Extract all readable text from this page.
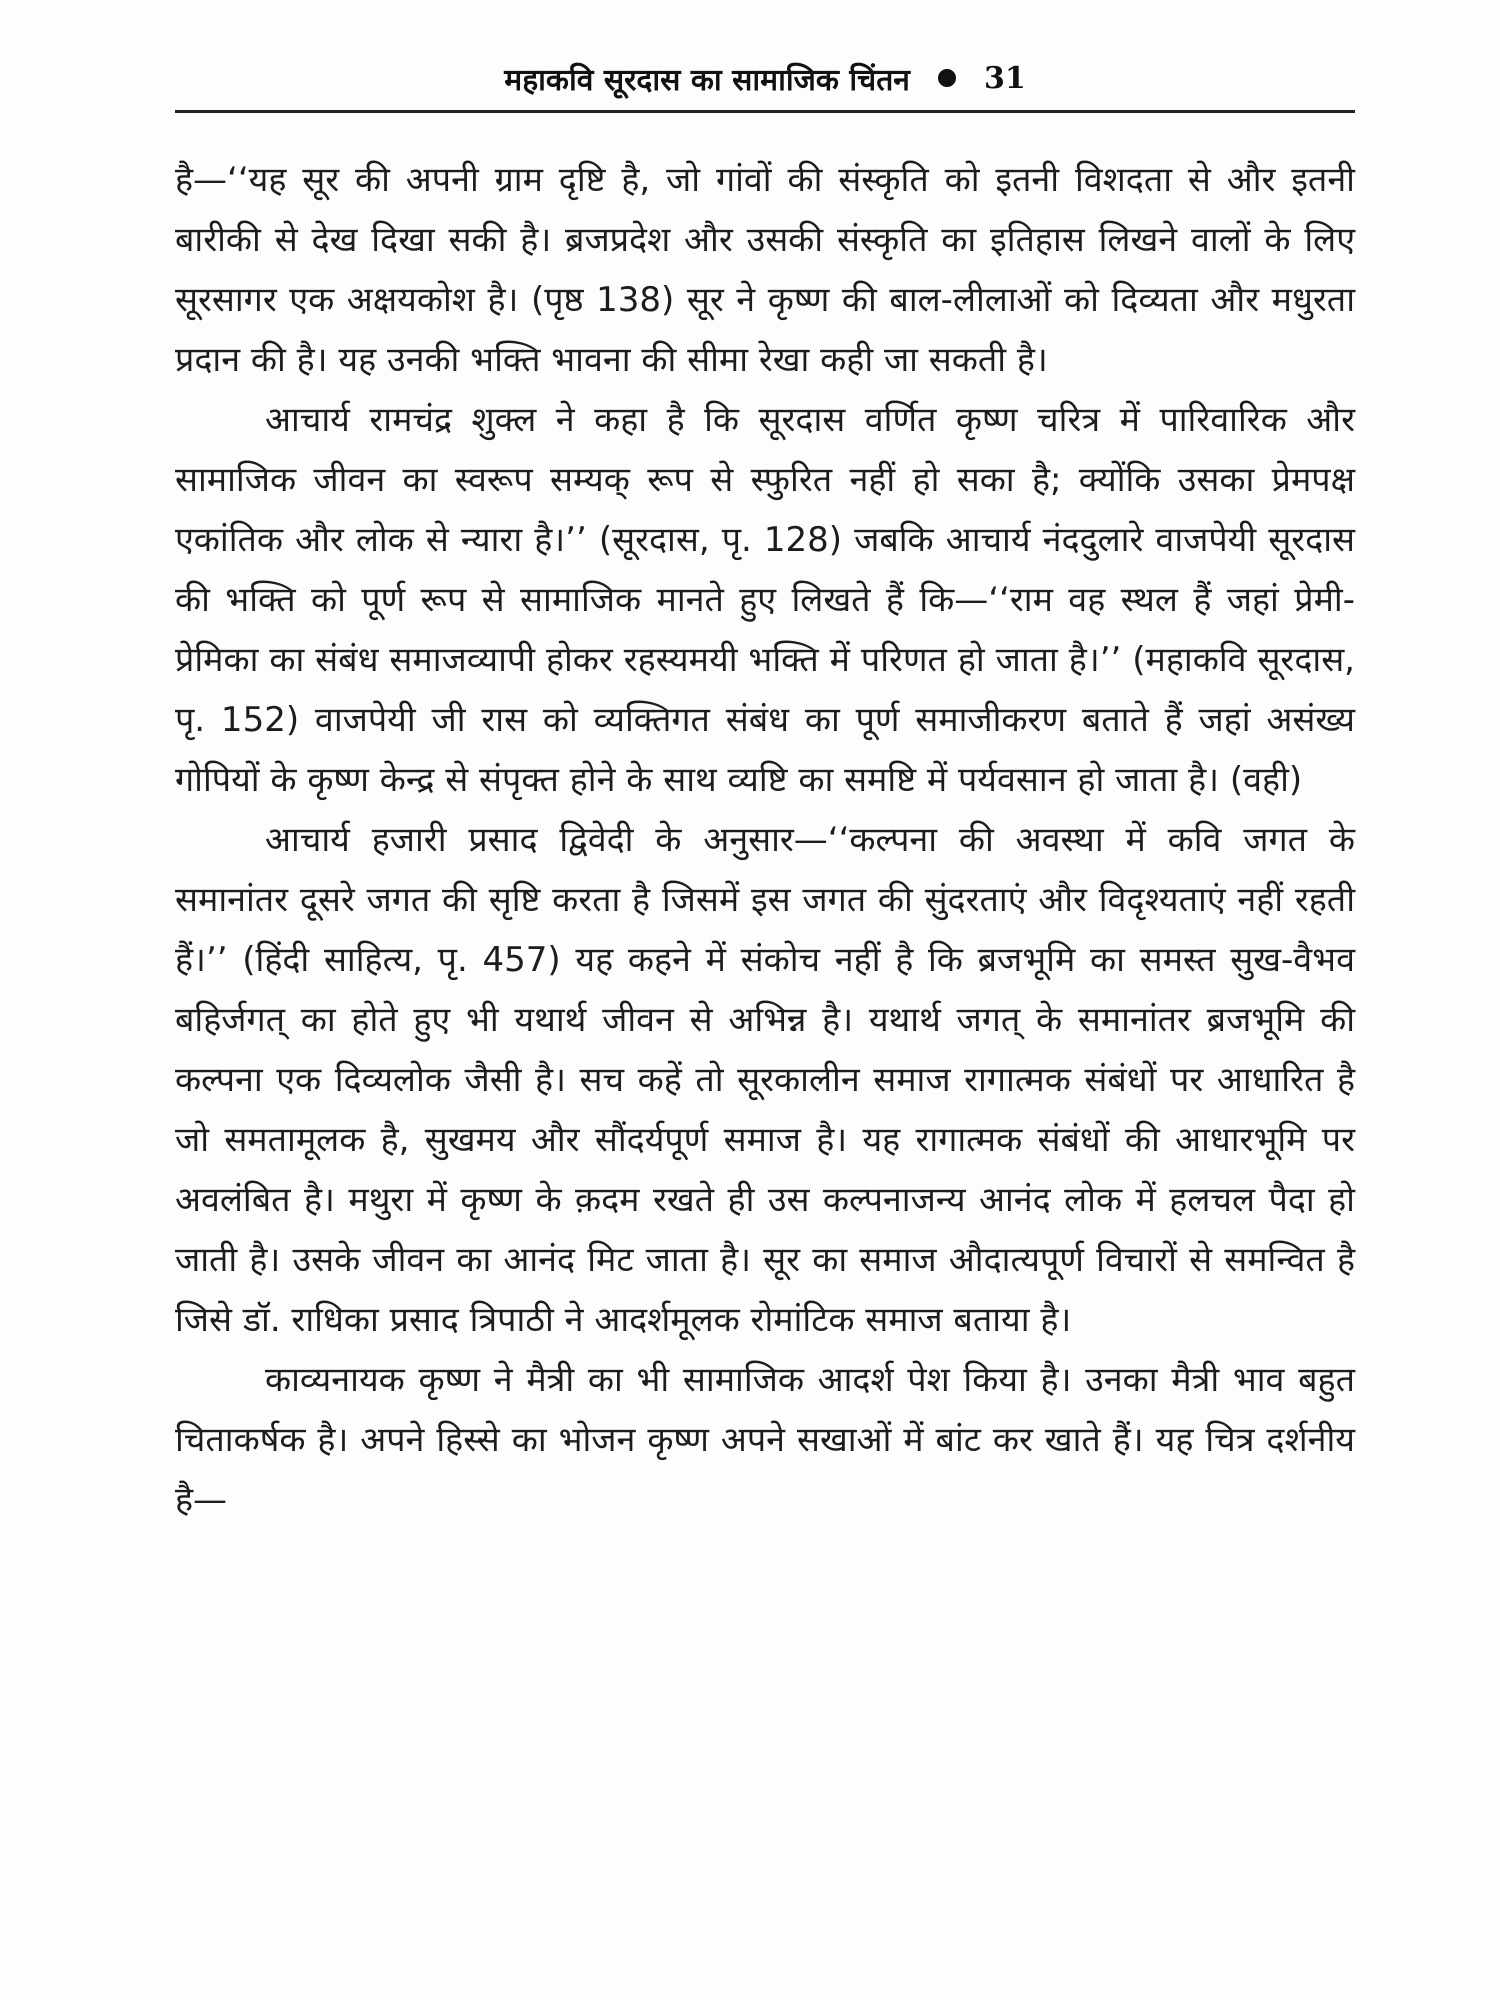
महाकवि सूरदास का सामाजिक चिंतन 31

है—‘‘यह सूर की अपनी ग्राम दृष्टि है, जो गांवों की संस्कृति को इतनी विशदता से और इतनी बारीकी से देख दिखा सकी है। ब्रजप्रदेश और उसकी संस्कृति का इतिहास लिखने वालों के लिए सूरसागर एक अक्षयकोश है। (पृष्ठ 138) सूर ने कृष्ण की बाल-लीलाओं को दिव्यता और मधुरता प्रदान की है। यह उनकी भक्ति भावना की सीमा रेखा कही जा सकती है।

आचार्य रामचंद्र शुक्ल ने कहा है कि सूरदास वर्णित कृष्ण चरित्र में पारिवारिक और सामाजिक जीवन का स्वरूप सम्यक् रूप से स्फुरित नहीं हो सका है; क्योंकि उसका प्रेमपक्ष एकांतिक और लोक से न्यारा है।’’ (सूरदास, पृ. 128) जबकि आचार्य नंददुलारे वाजपेयी सूरदास की भक्ति को पूर्ण रूप से सामाजिक मानते हुए लिखते हैं कि—‘‘राम वह स्थल हैं जहां प्रेमी-प्रेमिका का संबंध समाजव्यापी होकर रहस्यमयी भक्ति में परिणत हो जाता है।’’ (महाकवि सूरदास, पृ. 152) वाजपेयी जी रास को व्यक्तिगत संबंध का पूर्ण समाजीकरण बताते हैं जहां असंख्य गोपियों के कृष्ण केन्द्र से संपृक्त होने के साथ व्यष्टि का समष्टि में पर्यवसान हो जाता है। (वही)

आचार्य हजारी प्रसाद द्विवेदी के अनुसार—‘‘कल्पना की अवस्था में कवि जगत के समानांतर दूसरे जगत की सृष्टि करता है जिसमें इस जगत की सुंदरताएं और विदृश्यताएं नहीं रहती हैं।’’ (हिंदी साहित्य, पृ. 457) यह कहने में संकोच नहीं है कि ब्रजभूमि का समस्त सुख-वैभव बहिर्जगत् का होते हुए भी यथार्थ जीवन से अभिन्न है। यथार्थ जगत् के समानांतर ब्रजभूमि की कल्पना एक दिव्यलोक जैसी है। सच कहें तो सूरकालीन समाज रागात्मक संबंधों पर आधारित है जो समतामूलक है, सुखमय और सौंदर्यपूर्ण समाज है। यह रागात्मक संबंधों की आधारभूमि पर अवलंबित है। मथुरा में कृष्ण के क़दम रखते ही उस कल्पनाजन्य आनंद लोक में हलचल पैदा हो जाती है। उसके जीवन का आनंद मिट जाता है। सूर का समाज औदात्यपूर्ण विचारों से समन्वित है जिसे डॉ. राधिका प्रसाद त्रिपाठी ने आदर्शमूलक रोमांटिक समाज बताया है।

काव्यनायक कृष्ण ने मैत्री का भी सामाजिक आदर्श पेश किया है। उनका मैत्री भाव बहुत चिताकर्षक है। अपने हिस्से का भोजन कृष्ण अपने सखाओं में बांट कर खाते हैं। यह चित्र दर्शनीय है—
